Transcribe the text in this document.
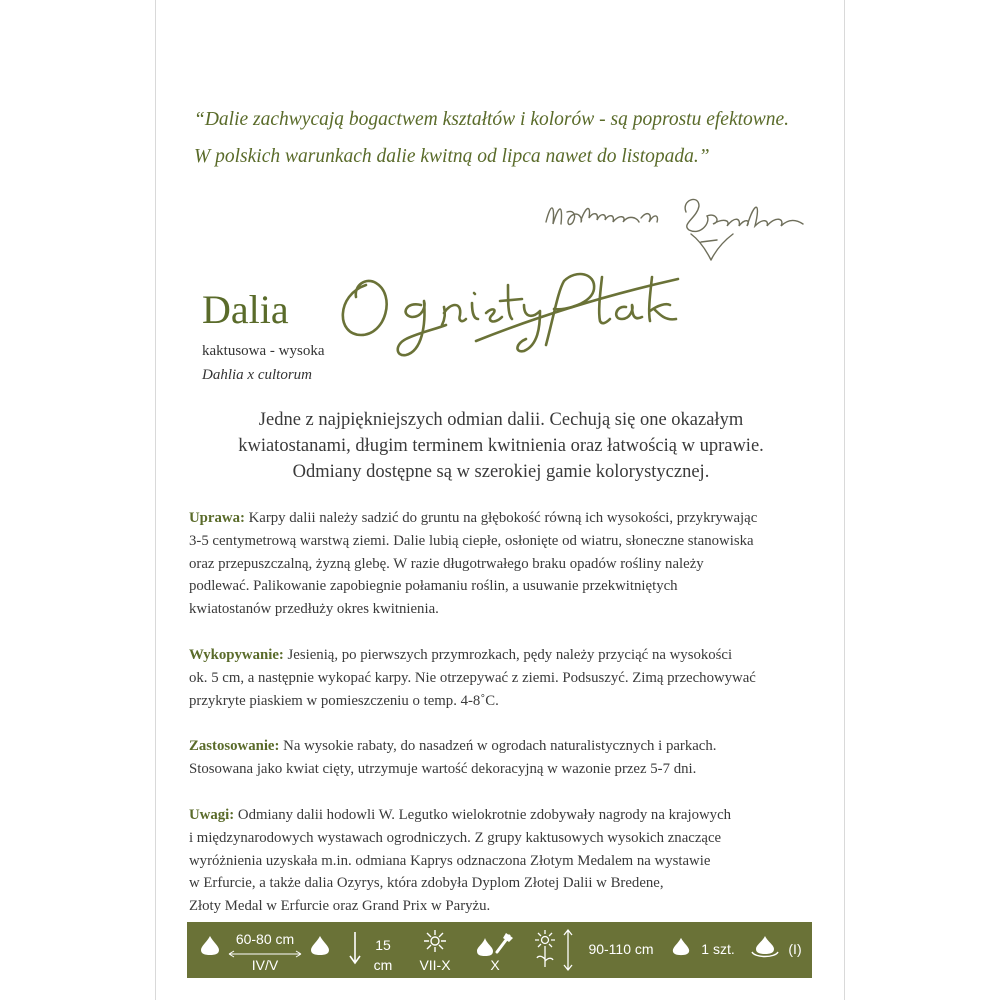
“Dalie zachwycają bogactwem kształtów i kolorów - są poprostu efektowne.

W polskich warunkach dalie kwitną od lipca nawet do listopada.”

Dalia
kaktusowa - wysoka
Dahlia x cultorum
Jedne z najpiękniejszych odmian dalii. Cechują się one okazałym
kwiatostanami, długim terminem kwitnienia oraz łatwością w uprawie.
Odmiany dostępne są w szerokiej gamie kolorystycznej.
Uprawa: Karpy dalii należy sadzić do gruntu na głębokość równą ich wysokości, przykrywając
3-5 centymetrową warstwą ziemi. Dalie lubią ciepłe, osłonięte od wiatru, słoneczne stanowiska
oraz przepuszczalną, żyzną glebę. W razie długotrwałego braku opadów rośliny należy
podlewać. Palikowanie zapobiegnie połamaniu roślin, a usuwanie przekwitniętych
kwiatostanów przedłuży okres kwitnienia.
Wykopywanie: Jesienią, po pierwszych przymrozkach, pędy należy przyciąć na wysokości
ok. 5 cm, a następnie wykopać karpy. Nie otrzepywać z ziemi. Podsuszyć. Zimą przechowywać
przykryte piaskiem w pomieszczeniu o temp. 4-8˚C.
Zastosowanie: Na wysokie rabaty, do nasadzeń w ogrodach naturalistycznych i parkach.
Stosowana jako kwiat cięty, utrzymuje wartość dekoracyjną w wazonie przez 5-7 dni.
Uwagi: Odmiany dalii hodowli W. Legutko wielokrotnie zdobywały nagrody na krajowych
i międzynarodowych wystawach ogrodniczych. Z grupy kaktusowych wysokich znaczące
wyróżnienia uzyskała m.in. odmiana Kaprys odznaczona Złotym Medalem na wystawie
w Erfurcie, a także dalia Ozyrys, która zdobyła Dyplom Złotej Dalii w Bredene,
Złoty Medal w Erfurcie oraz Grand Prix w Paryżu.
60-80 cm
IV/V
15
cm	VII-X	X
90-110 cm	1 szt.	(I)
